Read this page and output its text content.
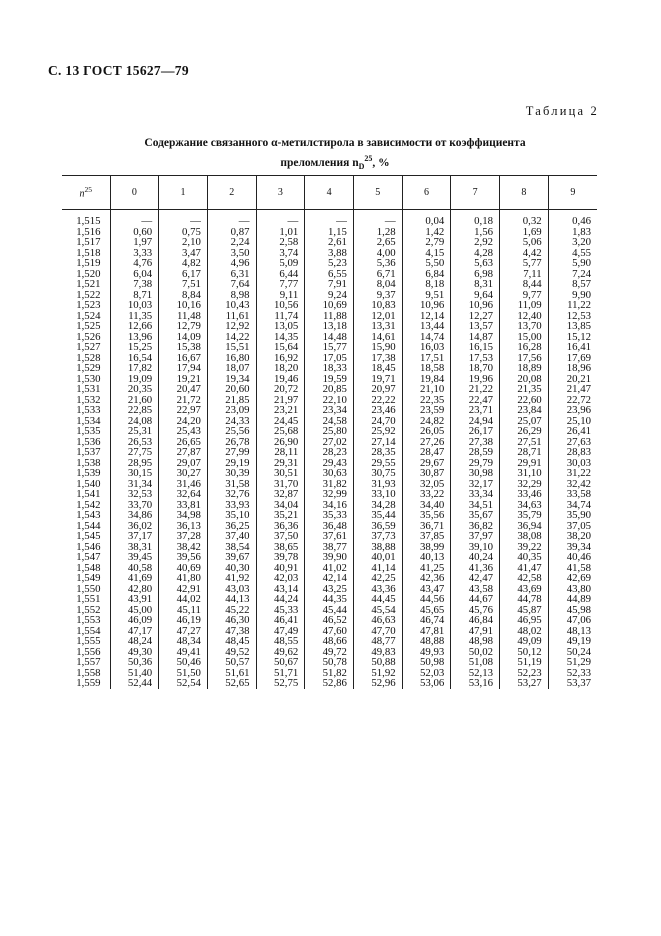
С. 13 ГОСТ 15627—79
Таблица 2
Содержание связанного α-метилстирола в зависимости от коэффициента
преломления $n_D^{25}$, %
$n^{25}$	0	1	2	3	4	5	6	7	8	9
1,515	—	—	—	—	—	—	0,04	0,18	0,32	0,46
1,516	0,60	0,75	0,87	1,01	1,15	1,28	1,42	1,56	1,69	1,83
1,517	1,97	2,10	2,24	2,58	2,61	2,65	2,79	2,92	5,06	3,20
1,518	3,33	3,47	3,50	3,74	3,88	4,00	4,15	4,28	4,42	4,55
1,519	4,76	4,82	4,96	5,09	5,23	5,36	5,50	5,63	5,77	5,90
1,520	6,04	6,17	6,31	6,44	6,55	6,71	6,84	6,98	7,11	7,24
1,521	7,38	7,51	7,64	7,77	7,91	8,04	8,18	8,31	8,44	8,57
1,522	8,71	8,84	8,98	9,11	9,24	9,37	9,51	9,64	9,77	9,90
1,523	10,03	10,16	10,43	10,56	10,69	10,83	10,96	10,96	11,09	11,22
1,524	11,35	11,48	11,61	11,74	11,88	12,01	12,14	12,27	12,40	12,53
1,525	12,66	12,79	12,92	13,05	13,18	13,31	13,44	13,57	13,70	13,85
1,526	13,96	14,09	14,22	14,35	14,48	14,61	14,74	14,87	15,00	15,12
1,527	15,25	15,38	15,51	15,64	15,77	15,90	16,03	16,15	16,28	16,41
1,528	16,54	16,67	16,80	16,92	17,05	17,38	17,51	17,53	17,56	17,69
1,529	17,82	17,94	18,07	18,20	18,33	18,45	18,58	18,70	18,89	18,96
1,530	19,09	19,21	19,34	19,46	19,59	19,71	19,84	19,96	20,08	20,21
1,531	20,35	20,47	20,60	20,72	20,85	20,97	21,10	21,22	21,35	21,47
1,532	21,60	21,72	21,85	21,97	22,10	22,22	22,35	22,47	22,60	22,72
1,533	22,85	22,97	23,09	23,21	23,34	23,46	23,59	23,71	23,84	23,96
1,534	24,08	24,20	24,33	24,45	24,58	24,70	24,82	24,94	25,07	25,10
1,535	25,31	25,43	25,56	25,68	25,80	25,92	26,05	26,17	26,29	26,41
1,536	26,53	26,65	26,78	26,90	27,02	27,14	27,26	27,38	27,51	27,63
1,537	27,75	27,87	27,99	28,11	28,23	28,35	28,47	28,59	28,71	28,83
1,538	28,95	29,07	29,19	29,31	29,43	29,55	29,67	29,79	29,91	30,03
1,539	30,15	30,27	30,39	30,51	30,63	30,75	30,87	30,98	31,10	31,22
1,540	31,34	31,46	31,58	31,70	31,82	31,93	32,05	32,17	32,29	32,42
1,541	32,53	32,64	32,76	32,87	32,99	33,10	33,22	33,34	33,46	33,58
1,542	33,70	33,81	33,93	34,04	34,16	34,28	34,40	34,51	34,63	34,74
1,543	34,86	34,98	35,10	35,21	35,33	35,44	35,56	35,67	35,79	35,90
1,544	36,02	36,13	36,25	36,36	36,48	36,59	36,71	36,82	36,94	37,05
1,545	37,17	37,28	37,40	37,50	37,61	37,73	37,85	37,97	38,08	38,20
1,546	38,31	38,42	38,54	38,65	38,77	38,88	38,99	39,10	39,22	39,34
1,547	39,45	39,56	39,67	39,78	39,90	40,01	40,13	40,24	40,35	40,46
1,548	40,58	40,69	40,30	40,91	41,02	41,14	41,25	41,36	41,47	41,58
1,549	41,69	41,80	41,92	42,03	42,14	42,25	42,36	42,47	42,58	42,69
1,550	42,80	42,91	43,03	43,14	43,25	43,36	43,47	43,58	43,69	43,80
1,551	43,91	44,02	44,13	44,24	44,35	44,45	44,56	44,67	44,78	44,89
1,552	45,00	45,11	45,22	45,33	45,44	45,54	45,65	45,76	45,87	45,98
1,553	46,09	46,19	46,30	46,41	46,52	46,63	46,74	46,84	46,95	47,06
1,554	47,17	47,27	47,38	47,49	47,60	47,70	47,81	47,91	48,02	48,13
1,555	48,24	48,34	48,45	48,55	48,66	48,77	48,88	48,98	49,09	49,19
1,556	49,30	49,41	49,52	49,62	49,72	49,83	49,93	50,02	50,12	50,24
1,557	50,36	50,46	50,57	50,67	50,78	50,88	50,98	51,08	51,19	51,29
1,558	51,40	51,50	51,61	51,71	51,82	51,92	52,03	52,13	52,23	52,33
1,559	52,44	52,54	52,65	52,75	52,86	52,96	53,06	53,16	53,27	53,37
